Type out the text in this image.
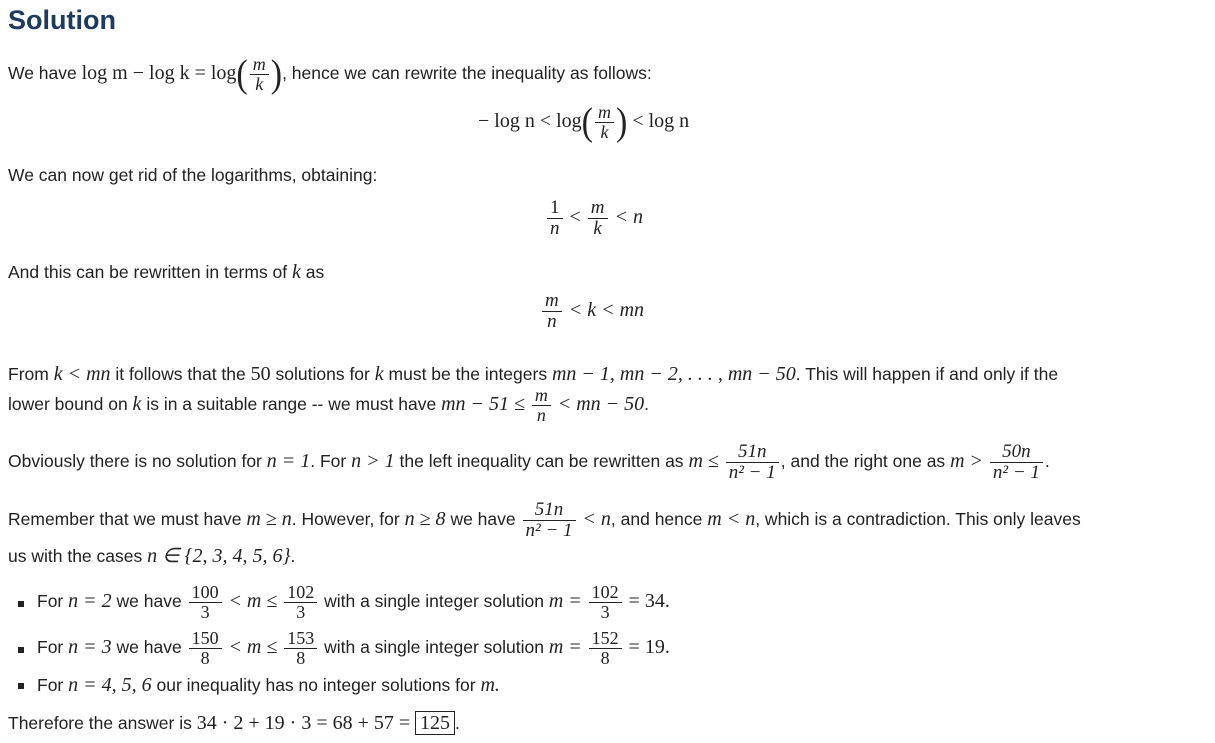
Solution
We have $\log m - \log k = \log( \frac{m}{k}$ ), hence we can rewrite the inequality as follows:
− $\log n < \log( \frac{m}{k}$ ) < log n
We can now get rid of the logarithms, obtaining:
$\frac{1}{n} < \frac{m}{k} < n$
And this can be rewritten in terms of k as
$\frac{m}{n} < k$ < mn
From k < mn it follows that the 50 solutions for k must be the integers mn − 1, mn − 2, . . . , mn − 50. This will happen if and only if the
lower bound on k is in a suitable range -- we must have mn − $51 \le \frac{m}{n}$ < mn − 50.
Obviously there is no solution for n = 1. For n > 1 the left inequality can be rewritten as $m \le \frac{51n}{\text{n² − 1}}$ , and the right one as $m > \frac{50n}{\text{n² − 1}}$ .
Remember that we must have m ≥ n. However, for n ≥ 8 we have $\frac{51n}{\text{n² − 1}} < n$, and hence m < n, which is a contradiction. This only leaves
us with the cases n ∈ {2, 3, 4, 5, 6}.
For n = 2 we have $\frac{100}{3} < m \le \frac{102}{3}$ with a single integer solution $m = \frac{102}{3} = 34$.
For n = 3 we have $\frac{150}{8} < m \le \frac{153}{8}$ with a single integer solution $m = \frac{152}{8} = 19$.
For n = 4, 5, 6 our inequality has no integer solutions for m.
Therefore the answer is 34 · 2 + 19 · 3 = 68 + 57 = 125 .
